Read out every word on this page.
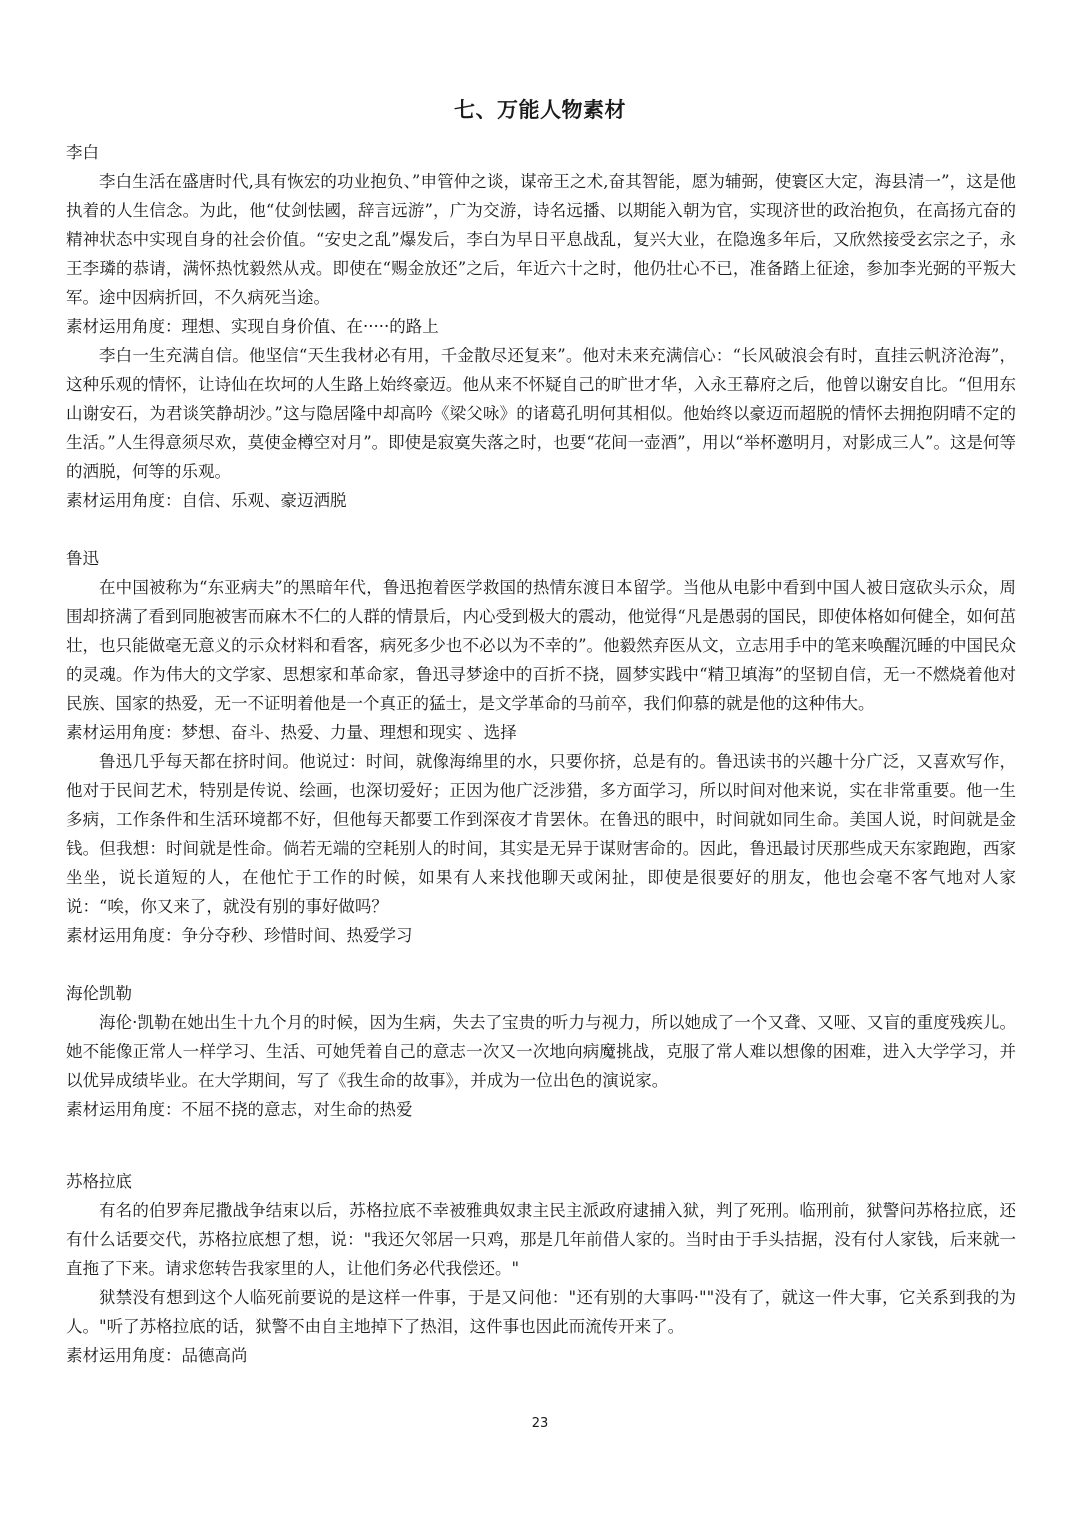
七、万能人物素材

李白

李白生活在盛唐时代,具有恢宏的功业抱负、”申管仲之谈，谋帝王之术,奋其智能，愿为辅弼，使寰区大定，海县清一”，这是他执着的人生信念。为此，他“仗剑怯國，辞言远游”，广为交游，诗名远播、以期能入朝为官，实现济世的政治抱负，在高扬亢奋的精神状态中实现自身的社会价值。“安史之乱”爆发后，李白为早日平息战乱，复兴大业，在隐逸多年后，又欣然接受玄宗之子，永王李璘的恭请，满怀热忱毅然从戎。即使在“赐金放还”之后，年近六十之时，他仍壮心不已，准备踏上征途，参加李光弼的平叛大军。途中因病折回，不久病死当途。

素材运用角度：理想、实现自身价值、在·····的路上

李白一生充满自信。他坚信“天生我材必有用，千金散尽还复来”。他对未来充满信心：“长风破浪会有时，直挂云帆济沧海”，这种乐观的情怀，让诗仙在坎坷的人生路上始终豪迈。他从来不怀疑自己的旷世才华，入永王幕府之后，他曾以谢安自比。“但用东山谢安石，为君谈笑静胡沙。”这与隐居隆中却高吟《梁父咏》的诸葛孔明何其相似。他始终以豪迈而超脱的情怀去拥抱阴晴不定的生活。”人生得意须尽欢，莫使金樽空对月”。即使是寂寞失落之时，也要“花间一壶酒”，用以“举杯邀明月，对影成三人”。这是何等的洒脱，何等的乐观。

素材运用角度：自信、乐观、豪迈洒脱

鲁迅

在中国被称为“东亚病夫”的黑暗年代，鲁迅抱着医学救国的热情东渡日本留学。当他从电影中看到中国人被日寇砍头示众，周围却挤满了看到同胞被害而麻木不仁的人群的情景后，内心受到极大的震动，他觉得“凡是愚弱的国民，即使体格如何健全，如何茁壮，也只能做毫无意义的示众材料和看客，病死多少也不必以为不幸的”。他毅然弃医从文，立志用手中的笔来唤醒沉睡的中国民众的灵魂。作为伟大的文学家、思想家和革命家，鲁迅寻梦途中的百折不挠，圆梦实践中“精卫填海”的坚韧自信，无一不燃烧着他对民族、国家的热爱，无一不证明着他是一个真正的猛士，是文学革命的马前卒，我们仰慕的就是他的这种伟大。

素材运用角度：梦想、奋斗、热爱、力量、理想和现实 、选择

鲁迅几乎每天都在挤时间。他说过：时间，就像海绵里的水，只要你挤，总是有的。鲁迅读书的兴趣十分广泛，又喜欢写作，他对于民间艺术，特别是传说、绘画，也深切爱好；正因为他广泛涉猎，多方面学习，所以时间对他来说，实在非常重要。他一生多病，工作条件和生活环境都不好，但他每天都要工作到深夜才肯罢休。在鲁迅的眼中，时间就如同生命。美国人说，时间就是金钱。但我想：时间就是性命。倘若无端的空耗别人的时间，其实是无异于谋财害命的。因此，鲁迅最讨厌那些成天东家跑跑，西家坐坐，说长道短的人，在他忙于工作的时候，如果有人来找他聊天或闲扯，即使是很要好的朋友，他也会毫不客气地对人家说：“唉，你又来了，就没有别的事好做吗？

素材运用角度：争分夺秒、珍惜时间、热爱学习

海伦凯勒

海伦·凯勒在她出生十九个月的时候，因为生病，失去了宝贵的听力与视力，所以她成了一个又聋、又哑、又盲的重度残疾儿。她不能像正常人一样学习、生活、可她凭着自己的意志一次又一次地向病魔挑战，克服了常人难以想像的困难，进入大学学习，并以优异成绩毕业。在大学期间，写了《我生命的故事》，并成为一位出色的演说家。

素材运用角度：不屈不挠的意志，对生命的热爱

苏格拉底

有名的伯罗奔尼撒战争结束以后，苏格拉底不幸被雅典奴隶主民主派政府逮捕入狱，判了死刑。临刑前，狱警问苏格拉底，还有什么话要交代，苏格拉底想了想，说："我还欠邻居一只鸡，那是几年前借人家的。当时由于手头拮据，没有付人家钱，后来就一直拖了下来。请求您转告我家里的人，让他们务必代我偿还。"

狱禁没有想到这个人临死前要说的是这样一件事，于是又问他："还有别的大事吗·""没有了，就这一件大事，它关系到我的为人。"听了苏格拉底的话，狱警不由自主地掉下了热泪，这件事也因此而流传开来了。

素材运用角度：品德高尚

23
